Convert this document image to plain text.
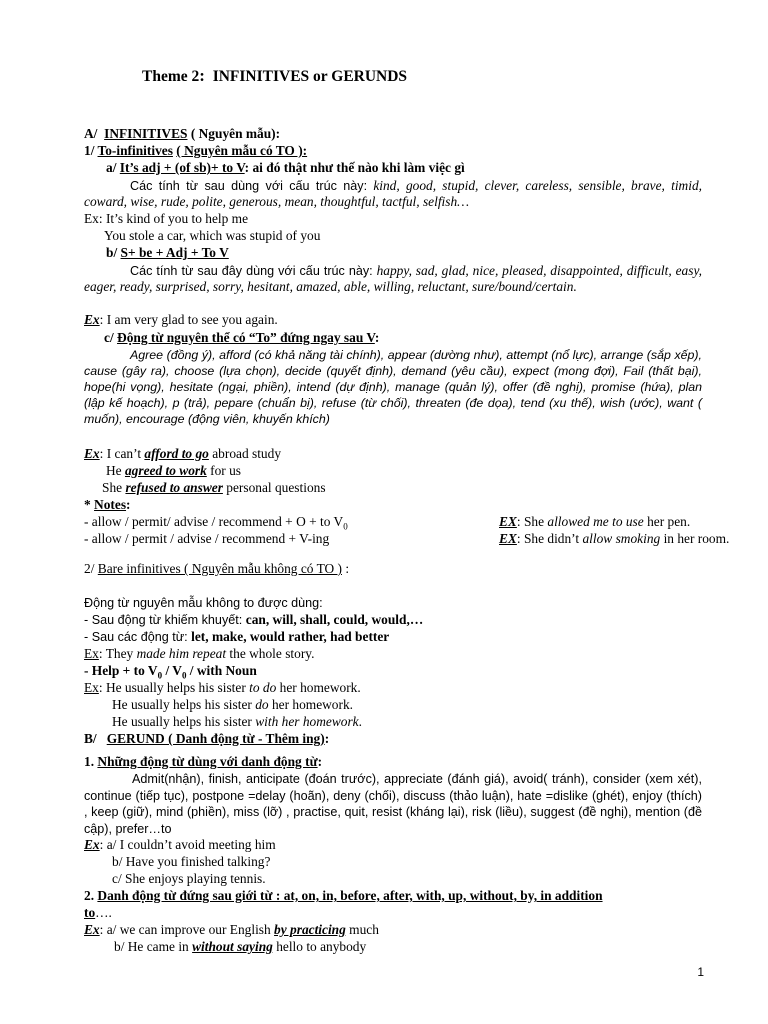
Theme 2: INFINITIVES or GERUNDS
A/ INFINITIVES ( Nguyên mẫu):
1/ To-infinitives ( Nguyên mẫu có TO ):
a/ It’s adj + (of sb)+ to V: ai đó thật như thế nào khi làm việc gì
Các tính từ sau dùng với cấu trúc này: kind, good, stupid, clever, careless, sensible, brave, timid, coward, wise, rude, polite, generous, mean, thoughtful, tactful, selfish…
Ex: It’s kind of you to help me
You stole a car, which was stupid of you
b/ S+ be + Adj + To V
Các tính từ sau đây dùng với cấu trúc này: happy, sad, glad, nice, pleased, disappointed, difficult, easy, eager, ready, surprised, sorry, hesitant, amazed, able, willing, reluctant, sure/bound/certain.
Ex: I am very glad to see you again.
c/ Động từ nguyên thể có “To” đứng ngay sau V:
Agree (đồng ý), afford (có khả năng tài chính), appear (dường như), attempt (nổ lực), arrange (sắp xếp), cause (gây ra), choose (lựa chọn), decide (quyết định), demand (yêu cầu), expect (mong đợi), Fail (thất bại), hope(hi vọng), hesitate (ngại, phiền), intend (dự định), manage (quản lý), offer (đề nghị), promise (hứa), plan (lập kế hoạch), p (trả), pepare (chuẩn bị), refuse (từ chối), threaten (đe dọa), tend (xu thế), wish (ước), want ( muốn), encourage (động viên, khuyến khích)
Ex: I can’t afford to go abroad study
He agreed to work for us
She refused to answer personal questions
* Notes:
- allow / permit/ advise / recommend + O + to $V_0$	EX: She allowed me to use her pen.
- allow / permit / advise / recommend + V-ing	EX: She didn’t allow smoking in her room.
2/ Bare infinitives ( Nguyên mẫu không có TO ) :
Động từ nguyên mẫu không to được dùng:
- Sau động từ khiếm khuyết: can, will, shall, could, would,…
- Sau các động từ: let, make, would rather, had better
Ex: They made him repeat the whole story.
- Help + to $V_0 / V_0$ / with Noun
Ex: He usually helps his sister to do her homework.
He usually helps his sister do her homework.
He usually helps his sister with her homework.
B/ GERUND ( Danh động từ - Thêm ing):
1. Những động từ dùng với danh động từ:
Admit(nhận), finish, anticipate (đoán trước), appreciate (đánh giá), avoid( tránh), consider (xem xét), continue (tiếp tục), postpone =delay (hoãn), deny (chối), discuss (thảo luận), hate =dislike (ghét), enjoy (thích) , keep (giữ), mind (phiền), miss (lỡ) , practise, quit, resist (kháng lại), risk (liều), suggest (đề nghị), mention (đề cập), prefer…to
Ex: a/ I couldn’t avoid meeting him
b/ Have you finished talking?
c/ She enjoys playing tennis.
2. Danh động từ đứng sau giới từ : at, on, in, before, after, with, up, without, by, in addition
to….
Ex: a/ we can improve our English by practicing much
b/ He came in without saying hello to anybody
1
